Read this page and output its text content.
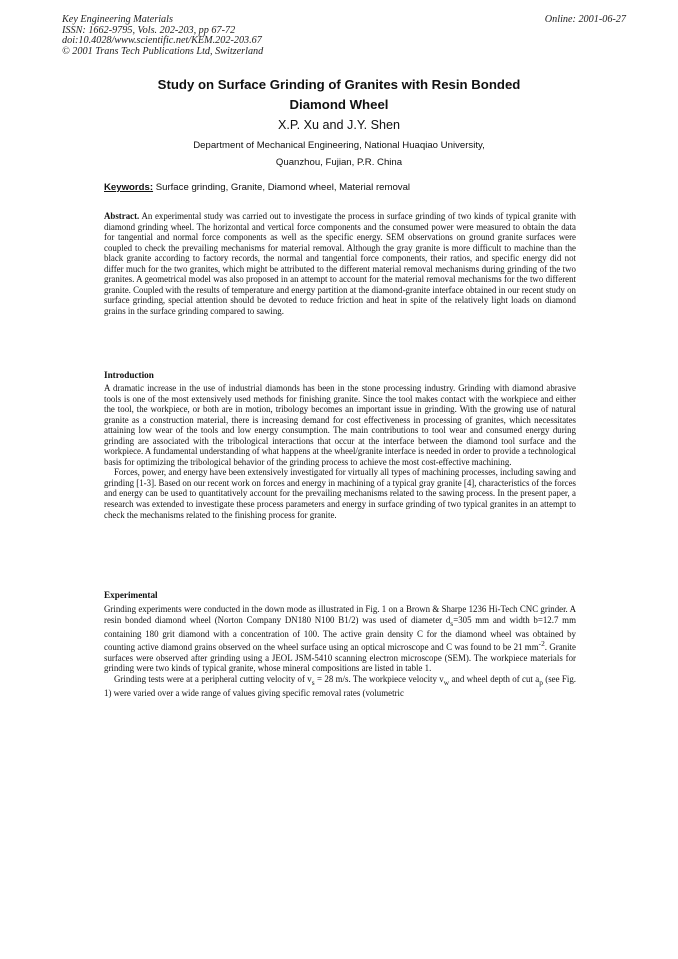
Key Engineering Materials
ISSN: 1662-9795, Vols. 202-203, pp 67-72
doi:10.4028/www.scientific.net/KEM.202-203.67
© 2001 Trans Tech Publications Ltd, Switzerland
Online: 2001-06-27
Study on Surface Grinding of Granites with Resin Bonded
Diamond Wheel
X.P. Xu and J.Y. Shen
Department of Mechanical Engineering, National Huaqiao University,
Quanzhou, Fujian, P.R. China
Keywords: Surface grinding, Granite, Diamond wheel, Material removal

Abstract. An experimental study was carried out to investigate the process in surface grinding of two kinds of typical granite with diamond grinding wheel. The horizontal and vertical force components and the consumed power were measured to obtain the data for tangential and normal force components as well as the specific energy. SEM observations on ground granite surfaces were coupled to check the prevailing mechanisms for material removal. Although the gray granite is more difficult to machine than the black granite according to factory records, the normal and tangential force components, their ratios, and specific energy did not differ much for the two granites, which might be attributed to the different material removal mechanisms during grinding of the two granites. A geometrical model was also proposed in an attempt to account for the material removal mechanisms for the two different granite. Coupled with the results of temperature and energy partition at the diamond-granite interface obtained in our recent study on surface grinding, special attention should be devoted to reduce friction and heat in spite of the relatively light loads on diamond grains in the surface grinding compared to sawing.

Introduction

A dramatic increase in the use of industrial diamonds has been in the stone processing industry. Grinding with diamond abrasive tools is one of the most extensively used methods for finishing granite. Since the tool makes contact with the workpiece and either the tool, the workpiece, or both are in motion, tribology becomes an important issue in grinding. With the growing use of natural granite as a construction material, there is increasing demand for cost effectiveness in processing of granites, which necessitates attaining low wear of the tools and low energy consumption. The main contributions to tool wear and consumed energy during grinding are associated with the tribological interactions that occur at the interface between the diamond tool surface and the workpiece. A fundamental understanding of what happens at the wheel/granite interface is needed in order to provide a technological basis for optimizing the tribological behavior of the grinding process to achieve the most cost-effective machining.

Forces, power, and energy have been extensively investigated for virtually all types of machining processes, including sawing and grinding [1-3]. Based on our recent work on forces and energy in machining of a typical gray granite [4], characteristics of the forces and energy can be used to quantitatively account for the prevailing mechanisms related to the sawing process. In the present paper, a research was extended to investigate these process parameters and energy in surface grinding of two typical granites in an attempt to check the mechanisms related to the finishing process for granite.

Experimental

Grinding experiments were conducted in the down mode as illustrated in Fig. 1 on a Brown & Sharpe 1236 Hi-Tech CNC grinder. A resin bonded diamond wheel (Norton Company DN180 N100 B1/2) was used of diameter $d_s=305$ mm and width b=12.7 mm containing 180 grit diamond with a concentration of 100. The active grain density C for the diamond wheel was obtained by counting active diamond grains observed on the wheel surface using an optical microscope and C was found to be 21 $mm^{-2}$. Granite surfaces were observed after grinding using a JEOL JSM-5410 scanning electron microscope (SEM). The workpiece materials for grinding were two kinds of typical granite, whose mineral compositions are listed in table 1.

Grinding tests were at a peripheral cutting velocity of $v_s = 28$ m/s. The workpiece velocity $v_w$ and wheel depth of cut $a_p$ (see Fig. 1) were varied over a wide range of values giving specific removal rates (volumetric
